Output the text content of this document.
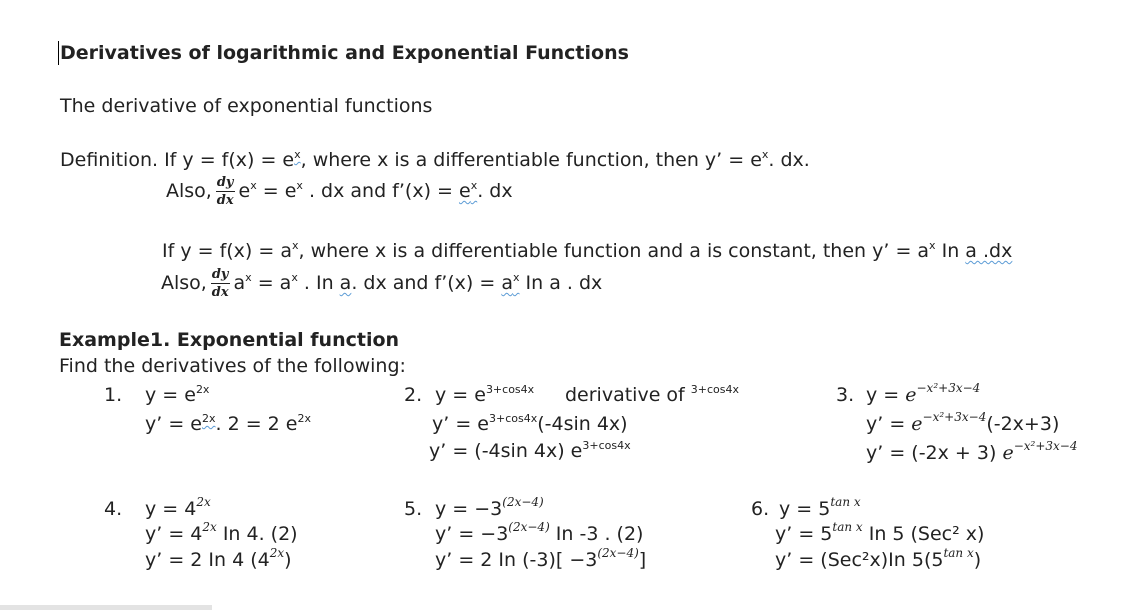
Derivatives of logarithmic and Exponential Functions
The derivative of exponential functions
Definition. If $y = f(x) = e^x$, where x is a differentiable function, then y’ = $e^x$. dx.
Also, $\frac{dy}{dx} e^x = e^x$ . dx and f’(x) = $e^x$. dx
If $y = f(x) = a^x$, where x is a differentiable function and a is constant, then y’ = $a^x$ In a .dx
Also, $\frac{dy}{dx} a^x = a^x$ . In a. dx and f’(x) = $a^x$ In a . dx
Example1. Exponential function
Find the derivatives of the following:
1. $y = e^{2x}$
y’ = $e^{2x}$. 2 = 2 $e^{2x}$
2. $y = e^{3+cos4x}$ derivative of $^{3+cos4x}$
y’ = $e^{3+cos4x}(-4\sin$ 4x)
y’ = (-4sin 4x) $e^{3+cos4x}$
3. $y = e^{-x^2+3x-4}$
y’ = $e^{-x^2+3x-4}(-2x+3)$
y’ = (-2x + 3) $e^{-x^2+3x-4}$
4. $y = 4^{2x}$
y’ = $4^{2x}$ In 4. (2)
y’ = 2 In 4 $(4^{2x})$
5. $y = -3^{(2x-4)}$
y’ = $-3^{(2x-4)}$ In -3 . (2)
y’ = 2 In $(-3)[ -3^{(2x-4)}]$
6. $y = 5^{tan x}$
y’ = $5^{tan x}$ In 5 (Sec² x)
y’ = (Sec²x)In $5(5^{tan x})$
